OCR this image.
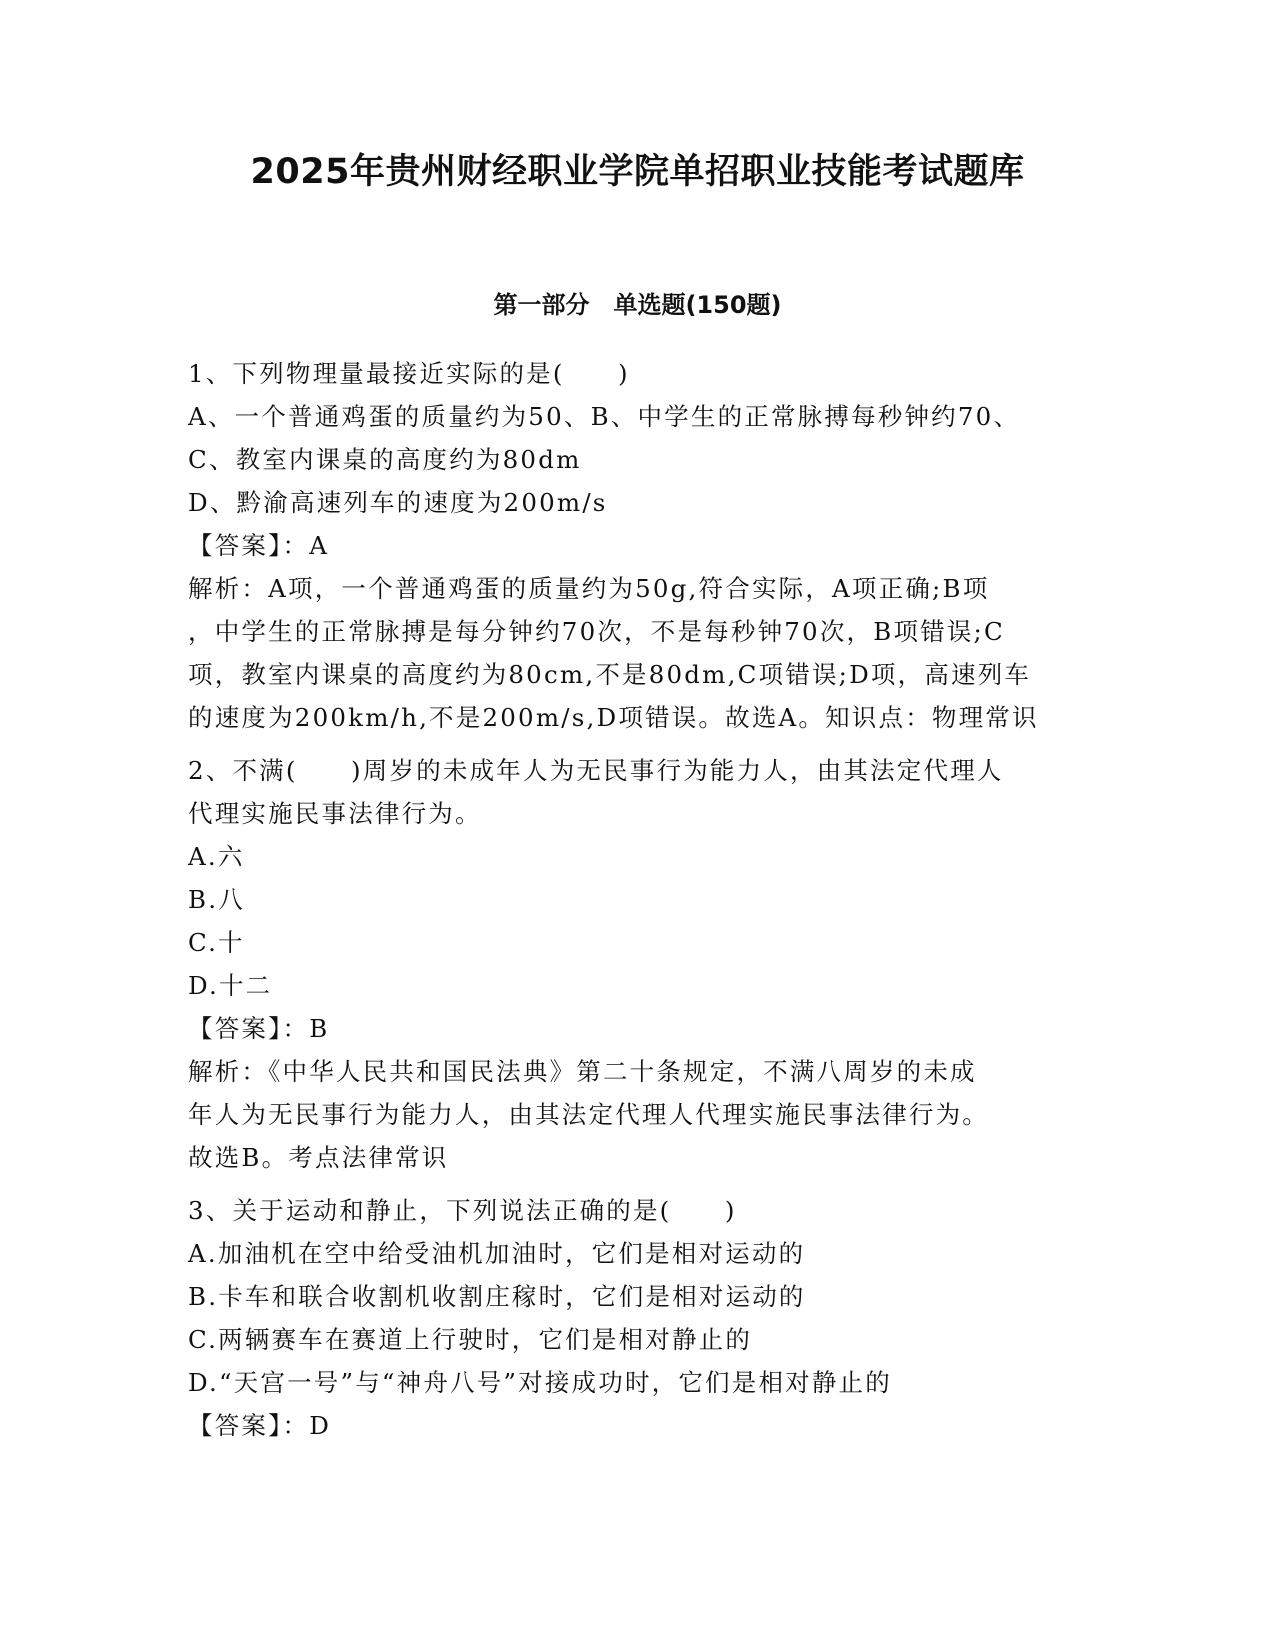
2025年贵州财经职业学院单招职业技能考试题库
第一部分　单选题(150题)
1、下列物理量最接近实际的是(　　)
A、一个普通鸡蛋的质量约为50、B、中学生的正常脉搏每秒钟约70、
C、教室内课桌的高度约为80dm
D、黔渝高速列车的速度为200m/s
【答案】：A
解析：A项，一个普通鸡蛋的质量约为50g,符合实际，A项正确;B项
，中学生的正常脉搏是每分钟约70次，不是每秒钟70次，B项错误;C
项，教室内课桌的高度约为80cm,不是80dm,C项错误;D项，高速列车
的速度为200km/h,不是200m/s,D项错误。故选A。知识点：物理常识
2、不满(　　)周岁的未成年人为无民事行为能力人，由其法定代理人
代理实施民事法律行为。
A.六
B.八
C.十
D.十二
【答案】：B
解析：《中华人民共和国民法典》第二十条规定，不满八周岁的未成
年人为无民事行为能力人，由其法定代理人代理实施民事法律行为。
故选B。考点法律常识
3、关于运动和静止，下列说法正确的是(　　)
A.加油机在空中给受油机加油时，它们是相对运动的
B.卡车和联合收割机收割庄稼时，它们是相对运动的
C.两辆赛车在赛道上行驶时，它们是相对静止的
D.“天宫一号”与“神舟八号”对接成功时，它们是相对静止的
【答案】：D
